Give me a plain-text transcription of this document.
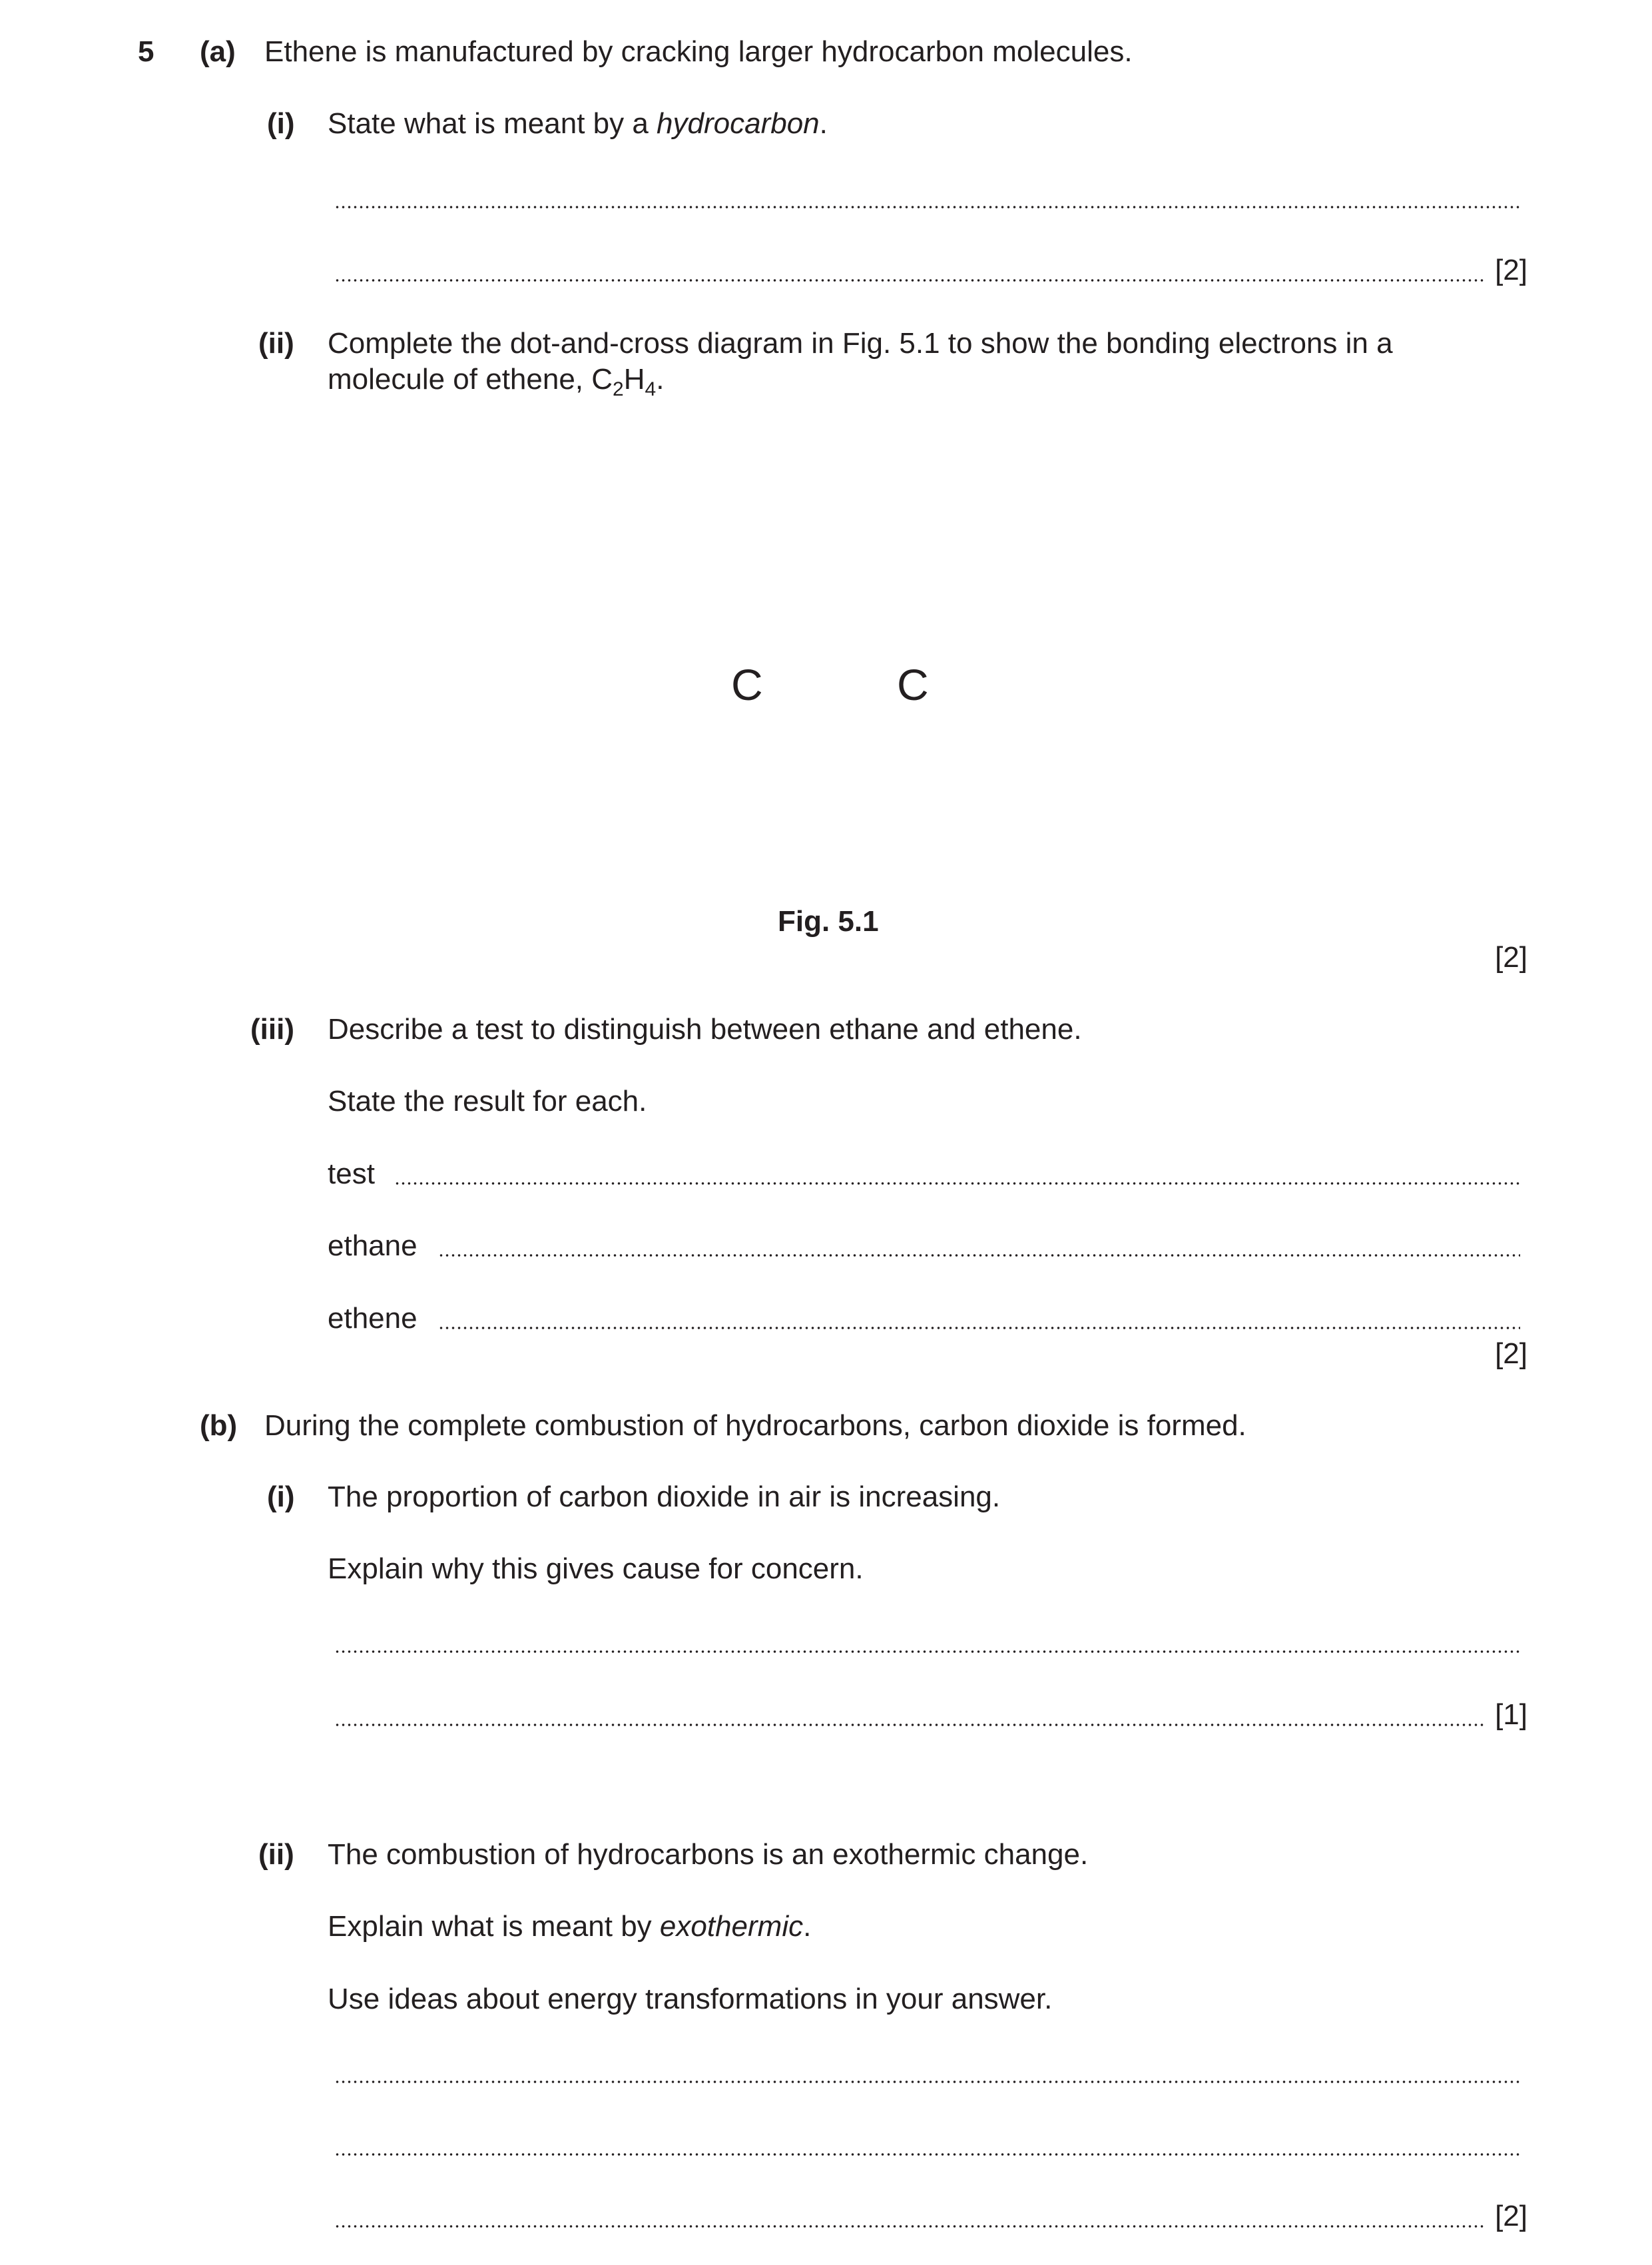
5 (a) Ethene is manufactured by cracking larger hydrocarbon molecules.
(i) State what is meant by a hydrocarbon.
[2]
(ii) Complete the dot-and-cross diagram in Fig. 5.1 to show the bonding electrons in a
molecule of ethene, $C_2H_4$.
C	C
Fig. 5.1
[2]
(iii) Describe a test to distinguish between ethane and ethene.
State the result for each.
test
ethane
ethene
[2]
(b) During the complete combustion of hydrocarbons, carbon dioxide is formed.
(i) The proportion of carbon dioxide in air is increasing.
Explain why this gives cause for concern.
[1]
(ii) The combustion of hydrocarbons is an exothermic change.
Explain what is meant by exothermic.
Use ideas about energy transformations in your answer.
[2]
